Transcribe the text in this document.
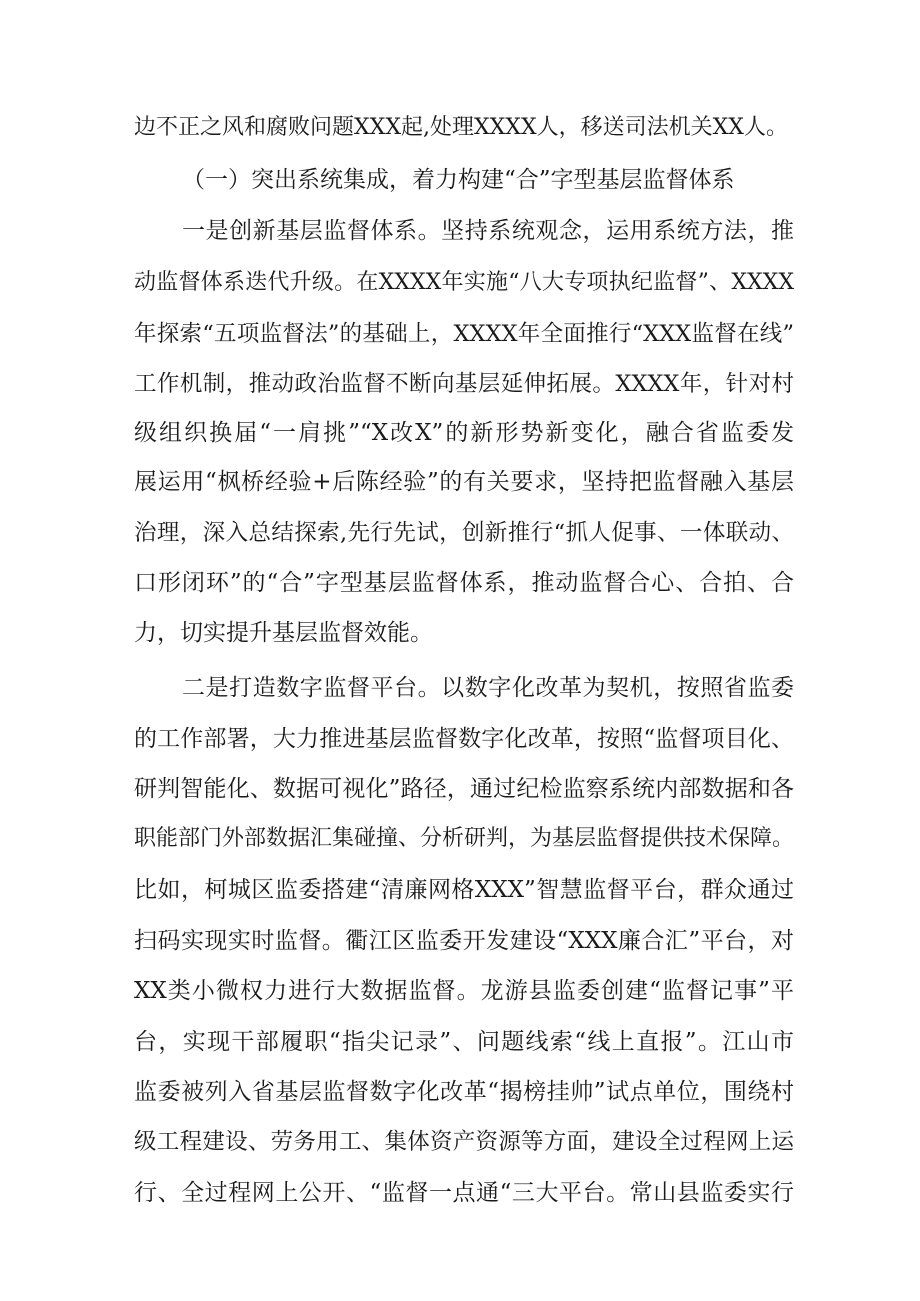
边不正之风和腐败问题XXX起,处理XXXX人，移送司法机关XX人。
（一）突出系统集成，着力构建“合”字型基层监督体系
一是创新基层监督体系。坚持系统观念，运用系统方法，推
动监督体系迭代升级。在XXXX年实施“八大专项执纪监督”、XXXX
年探索“五项监督法”的基础上，XXXX年全面推行“XXX监督在线”
工作机制，推动政治监督不断向基层延伸拓展。XXXX年，针对村
级组织换届“一肩挑”“X改X”的新形势新变化，融合省监委发
展运用“枫桥经验+后陈经验”的有关要求，坚持把监督融入基层
治理，深入总结探索,先行先试，创新推行“抓人促事、一体联动、
口形闭环”的“合”字型基层监督体系，推动监督合心、合拍、合
力，切实提升基层监督效能。
二是打造数字监督平台。以数字化改革为契机，按照省监委
的工作部署，大力推进基层监督数字化改革，按照“监督项目化、
研判智能化、数据可视化”路径，通过纪检监察系统内部数据和各
职能部门外部数据汇集碰撞、分析研判，为基层监督提供技术保障。
比如，柯城区监委搭建“清廉网格XXX”智慧监督平台，群众通过
扫码实现实时监督。衢江区监委开发建设“XXX廉合汇”平台，对
XX类小微权力进行大数据监督。龙游县监委创建“监督记事”平
台，实现干部履职“指尖记录”、问题线索“线上直报”。江山市
监委被列入省基层监督数字化改革“揭榜挂帅”试点单位，围绕村
级工程建设、劳务用工、集体资产资源等方面，建设全过程网上运
行、全过程网上公开、“监督一点通“三大平台。常山县监委实行
